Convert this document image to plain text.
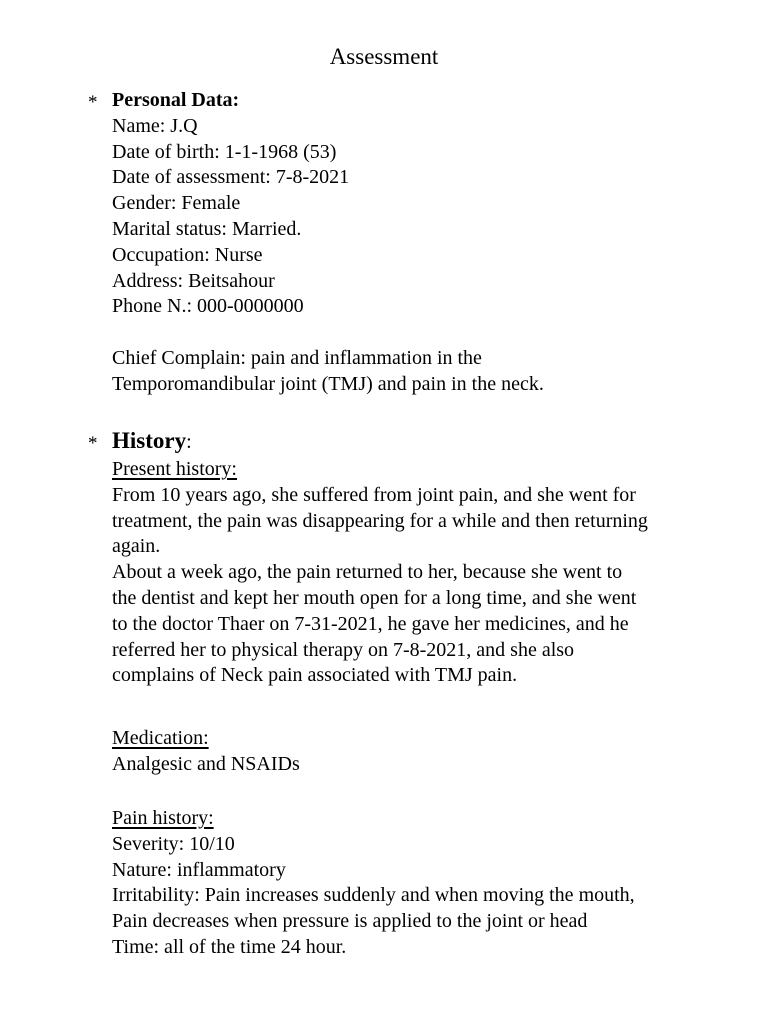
Assessment
* Personal Data:
Name: J.Q
Date of birth: 1-1-1968 (53)
Date of assessment: 7-8-2021
Gender: Female
Marital status: Married.
Occupation: Nurse
Address: Beitsahour
Phone N.: 000-0000000
Chief Complain: pain and inflammation in the
Temporomandibular joint (TMJ) and pain in the neck.
* History:
Present history:
From 10 years ago, she suffered from joint pain, and she went for
treatment, the pain was disappearing for a while and then returning
again.
About a week ago, the pain returned to her, because she went to
the dentist and kept her mouth open for a long time, and she went
to the doctor Thaer on 7-31-2021, he gave her medicines, and he
referred her to physical therapy on 7-8-2021, and she also
complains of Neck pain associated with TMJ pain.
Medication:
Analgesic and NSAIDs
Pain history:
Severity: 10/10
Nature: inflammatory
Irritability: Pain increases suddenly and when moving the mouth,
Pain decreases when pressure is applied to the joint or head
Time: all of the time 24 hour.
